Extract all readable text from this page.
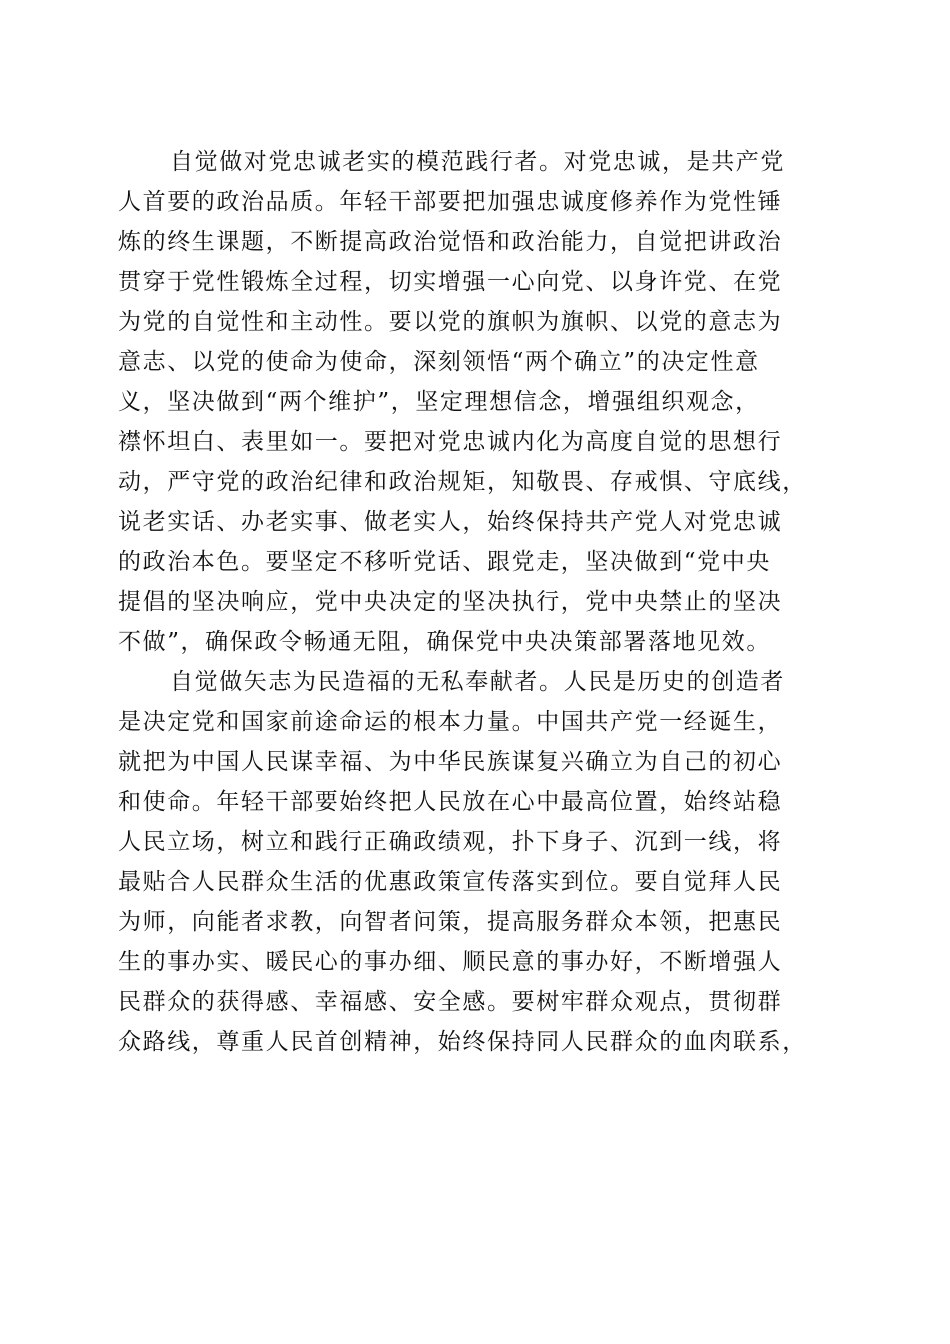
自觉做对党忠诚老实的模范践行者。对党忠诚，是共产党
人首要的政治品质。年轻干部要把加强忠诚度修养作为党性锤
炼的终生课题，不断提高政治觉悟和政治能力，自觉把讲政治
贯穿于党性锻炼全过程，切实增强一心向党、以身许党、在党
为党的自觉性和主动性。要以党的旗帜为旗帜、以党的意志为
意志、以党的使命为使命，深刻领悟“两个确立”的决定性意
义，坚决做到“两个维护”，坚定理想信念，增强组织观念，
襟怀坦白、表里如一。要把对党忠诚内化为高度自觉的思想行
动，严守党的政治纪律和政治规矩，知敬畏、存戒惧、守底线，
说老实话、办老实事、做老实人，始终保持共产党人对党忠诚
的政治本色。要坚定不移听党话、跟党走，坚决做到“党中央
提倡的坚决响应，党中央决定的坚决执行，党中央禁止的坚决
不做”，确保政令畅通无阻，确保党中央决策部署落地见效。
自觉做矢志为民造福的无私奉献者。人民是历史的创造者
是决定党和国家前途命运的根本力量。中国共产党一经诞生，
就把为中国人民谋幸福、为中华民族谋复兴确立为自己的初心
和使命。年轻干部要始终把人民放在心中最高位置，始终站稳
人民立场，树立和践行正确政绩观，扑下身子、沉到一线，将
最贴合人民群众生活的优惠政策宣传落实到位。要自觉拜人民
为师，向能者求教，向智者问策，提高服务群众本领，把惠民
生的事办实、暖民心的事办细、顺民意的事办好，不断增强人
民群众的获得感、幸福感、安全感。要树牢群众观点，贯彻群
众路线，尊重人民首创精神，始终保持同人民群众的血肉联系，
